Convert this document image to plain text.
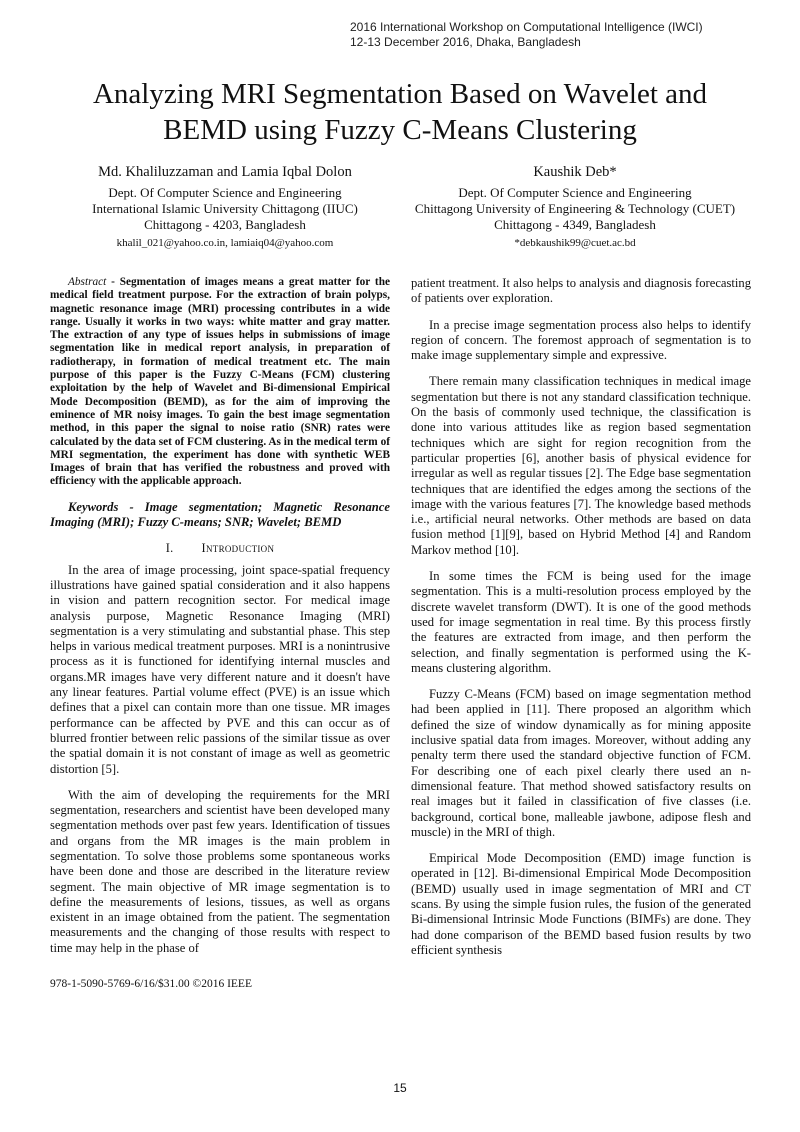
2016 International Workshop on Computational Intelligence (IWCI)
12-13 December 2016, Dhaka, Bangladesh
Analyzing MRI Segmentation Based on Wavelet and
BEMD using Fuzzy C-Means Clustering
Md. Khaliluzzaman and Lamia Iqbal Dolon
Dept. Of Computer Science and Engineering
International Islamic University Chittagong (IIUC)
Chittagong - 4203, Bangladesh
khalil_021@yahoo.co.in, lamiaiq04@yahoo.com
Kaushik Deb*
Dept. Of Computer Science and Engineering
Chittagong University of Engineering & Technology (CUET)
Chittagong - 4349, Bangladesh
*debkaushik99@cuet.ac.bd

Abstract - Segmentation of images means a great matter for the medical field treatment purpose. For the extraction of brain polyps, magnetic resonance image (MRI) processing contributes in a wide range. Usually it works in two ways: white matter and gray matter. The extraction of any type of issues helps in submissions of image segmentation like in medical report analysis, in preparation of radiotherapy, in formation of medical treatment etc. The main purpose of this paper is the Fuzzy C-Means (FCM) clustering exploitation by the help of Wavelet and Bi-dimensional Empirical Mode Decomposition (BEMD), as for the aim of improving the eminence of MR noisy images. To gain the best image segmentation method, in this paper the signal to noise ratio (SNR) rates were calculated by the data set of FCM clustering. As in the medical term of MRI segmentation, the experiment has done with synthetic WEB Images of brain that has verified the robustness and proved with efficiency with the applicable approach.

Keywords - Image segmentation; Magnetic Resonance Imaging (MRI); Fuzzy C-means; SNR; Wavelet; BEMD

I. Introduction

In the area of image processing, joint space-spatial frequency illustrations have gained spatial consideration and it also happens in vision and pattern recognition sector. For medical image analysis purpose, Magnetic Resonance Imaging (MRI) segmentation is a very stimulating and substantial phase. This step helps in various medical treatment purposes. MRI is a nonintrusive process as it is functioned for identifying internal muscles and organs.MR images have very different nature and it doesn't have any linear features. Partial volume effect (PVE) is an issue which defines that a pixel can contain more than one tissue. MR images performance can be affected by PVE and this can occur as of blurred frontier between relic passions of the similar tissue as over the spatial domain it is not constant of image as well as geometric distortion [5].

With the aim of developing the requirements for the MRI segmentation, researchers and scientist have been developed many segmentation methods over past few years. Identification of tissues and organs from the MR images is the main problem in segmentation. To solve those problems some spontaneous works have been done and those are described in the literature review segment. The main objective of MR image segmentation is to define the measurements of lesions, tissues, as well as organs existent in an image obtained from the patient. The segmentation measurements and the changing of those results with respect to time may help in the phase of

patient treatment. It also helps to analysis and diagnosis forecasting of patients over exploration.

In a precise image segmentation process also helps to identify region of concern. The foremost approach of segmentation is to make image supplementary simple and expressive.

There remain many classification techniques in medical image segmentation but there is not any standard classification technique. On the basis of commonly used technique, the classification is done into various attitudes like as region based segmentation techniques which are sight for region recognition from the particular properties [6], another basis of physical evidence for irregular as well as regular tissues [2]. The Edge base segmentation techniques that are identified the edges among the sections of the image with the various features [7]. The knowledge based methods i.e., artificial neural networks. Other methods are based on data fusion method [1][9], based on Hybrid Method [4] and Random Markov method [10].

In some times the FCM is being used for the image segmentation. This is a multi-resolution process employed by the discrete wavelet transform (DWT). It is one of the good methods used for image segmentation in real time. By this process firstly the features are extracted from image, and then perform the selection, and finally segmentation is performed using the K-means clustering algorithm.

Fuzzy C-Means (FCM) based on image segmentation method had been applied in [11]. There proposed an algorithm which defined the size of window dynamically as for mining apposite inclusive spatial data from images. Moreover, without adding any penalty term there used the standard objective function of FCM. For describing one of each pixel clearly there used an n-dimensional feature. That method showed satisfactory results on real images but it failed in classification of five classes (i.e. background, cortical bone, malleable jawbone, adipose flesh and muscle) in the MRI of thigh.

Empirical Mode Decomposition (EMD) image function is operated in [12]. Bi-dimensional Empirical Mode Decomposition (BEMD) usually used in image segmentation of MRI and CT scans. By using the simple fusion rules, the fusion of the generated Bi-dimensional Intrinsic Mode Functions (BIMFs) are done. They had done comparison of the BEMD based fusion results by two efficient synthesis

978-1-5090-5769-6/16/$31.00 ©2016 IEEE
15
